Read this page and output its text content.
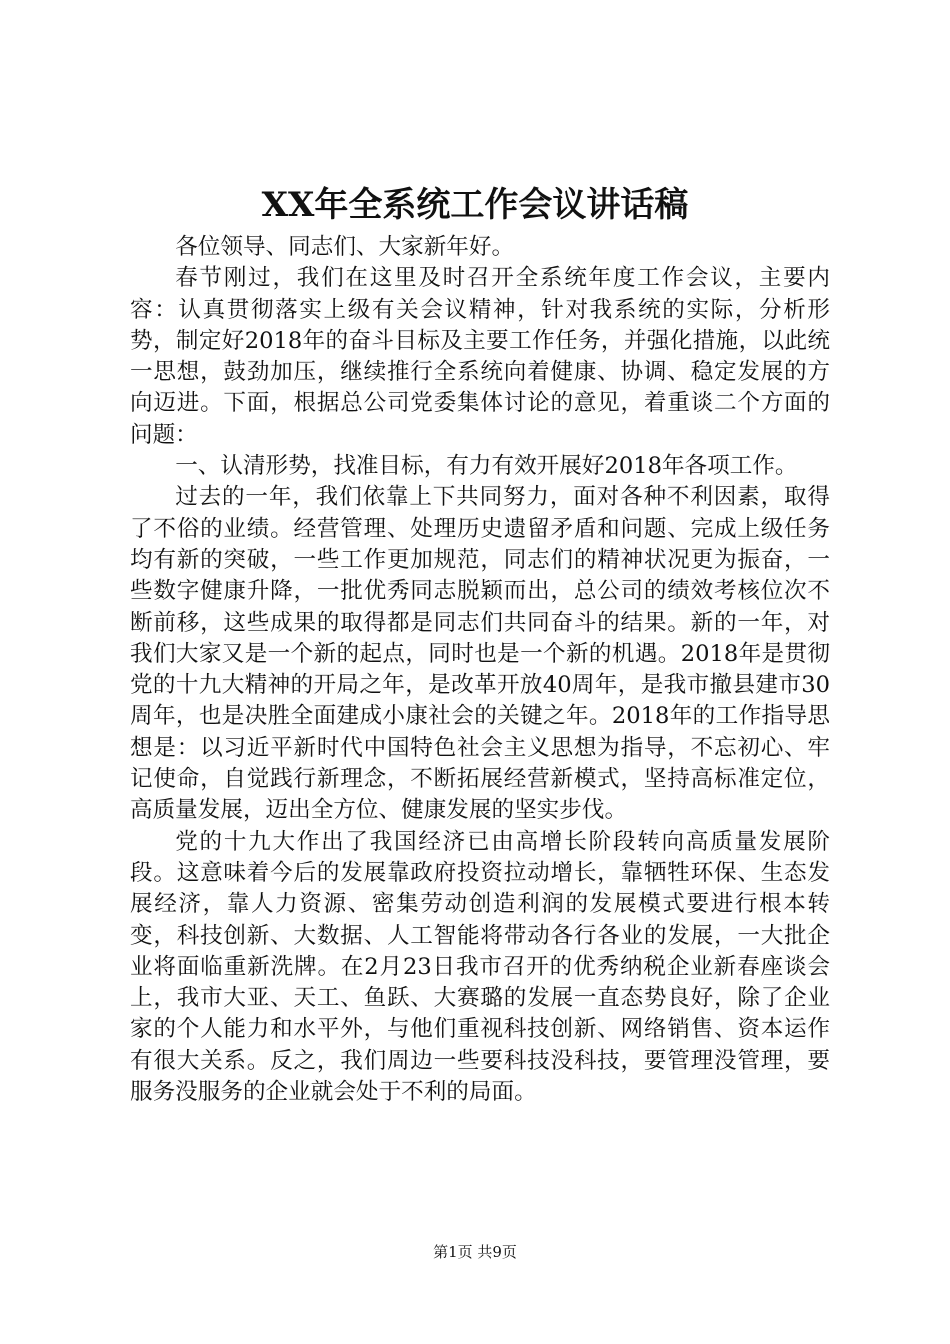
XX年全系统工作会议讲话稿

各位领导、同志们、大家新年好。

春节刚过，我们在这里及时召开全系统年度工作会议，主要内容：认真贯彻落实上级有关会议精神，针对我系统的实际，分析形势，制定好2018年的奋斗目标及主要工作任务，并强化措施，以此统一思想，鼓劲加压，继续推行全系统向着健康、协调、稳定发展的方向迈进。下面，根据总公司党委集体讨论的意见，着重谈二个方面的问题：

一、认清形势，找准目标，有力有效开展好2018年各项工作。

过去的一年，我们依靠上下共同努力，面对各种不利因素，取得了不俗的业绩。经营管理、处理历史遗留矛盾和问题、完成上级任务均有新的突破，一些工作更加规范，同志们的精神状况更为振奋，一些数字健康升降，一批优秀同志脱颖而出，总公司的绩效考核位次不断前移，这些成果的取得都是同志们共同奋斗的结果。新的一年，对我们大家又是一个新的起点，同时也是一个新的机遇。2018年是贯彻党的十九大精神的开局之年，是改革开放40周年，是我市撤县建市30周年，也是决胜全面建成小康社会的关键之年。2018年的工作指导思想是：以习近平新时代中国特色社会主义思想为指导，不忘初心、牢记使命，自觉践行新理念，不断拓展经营新模式，坚持高标准定位，高质量发展，迈出全方位、健康发展的坚实步伐。

党的十九大作出了我国经济已由高增长阶段转向高质量发展阶段。这意味着今后的发展靠政府投资拉动增长，靠牺牲环保、生态发展经济，靠人力资源、密集劳动创造利润的发展模式要进行根本转变，科技创新、大数据、人工智能将带动各行各业的发展，一大批企业将面临重新洗牌。在2月23日我市召开的优秀纳税企业新春座谈会上，我市大亚、天工、鱼跃、大赛璐的发展一直态势良好，除了企业家的个人能力和水平外，与他们重视科技创新、网络销售、资本运作有很大关系。反之，我们周边一些要科技没科技，要管理没管理，要服务没服务的企业就会处于不利的局面。

第1页 共9页
